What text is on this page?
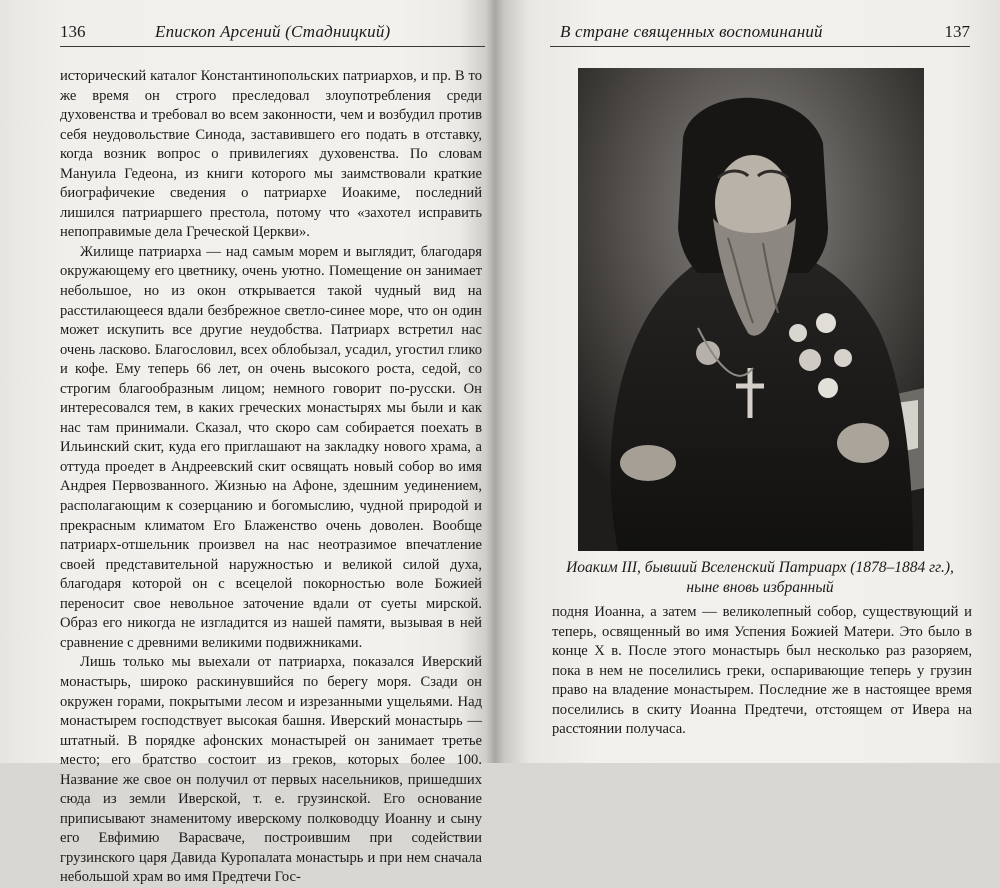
136	Епископ Арсений (Стадницкий)

исторический каталог Константинопольских патриархов, и пр. В то же время он строго преследовал злоупотребления среди духовенства и требовал во всем законности, чем и возбудил против себя неудовольствие Синода, заставившего его подать в отставку, когда возник вопрос о привилегиях духовенства. По словам Мануила Гедеона, из книги которого мы заимствовали краткие биографичекие сведения о патриархе Иоакиме, последний лишился патриаршего престола, потому что «захотел исправить непоправимые дела Греческой Церкви».

Жилище патриарха — над самым морем и выглядит, благодаря окружающему его цветнику, очень уютно. Помещение он занимает небольшое, но из окон открывается такой чудный вид на расстилающееся вдали безбрежное светло-синее море, что он один может искупить все другие неудобства. Патриарх встретил нас очень ласково. Благословил, всех облобызал, усадил, угостил глико и кофе. Ему теперь 66 лет, он очень высокого роста, седой, со строгим благообразным лицом; немного говорит по-русски. Он интересовался тем, в каких греческих монастырях мы были и как нас там принимали. Сказал, что скоро сам собирается поехать в Ильинский скит, куда его приглашают на закладку нового храма, а оттуда проедет в Андреевский скит освящать новый собор во имя Андрея Первозванного. Жизнью на Афоне, здешним уединением, располагающим к созерцанию и богомыслию, чудной природой и прекрасным климатом Его Блаженство очень доволен. Вообще патриарх-отшельник произвел на нас неотразимое впечатление своей представительной наружностью и великой силой духа, благодаря которой он с всецелой покорностью воле Божией переносит свое невольное заточение вдали от суеты мирской. Образ его никогда не изгладится из нашей памяти, вызывая в ней сравнение с древними великими подвижниками.

Лишь только мы выехали от патриарха, показался Иверский монастырь, широко раскинувшийся по берегу моря. Сзади он окружен горами, покрытыми лесом и изрезанными ущельями. Над монастырем господствует высокая башня. Иверский монастырь — штатный. В порядке афонских монастырей он занимает третье место; его братство состоит из греков, которых более 100. Название же свое он получил от первых насельников, пришедших сюда из земли Иверской, т. е. грузинской. Его основание приписывают знаменитому иверскому полководцу Иоанну и сыну его Евфимию Варасваче, построившим при содействии грузинского царя Давида Куропалата монастырь и при нем сначала небольшой храм во имя Предтечи Гос-

В стране священных воспоминаний	137
Иоаким III, бывший Вселенский Патриарх (1878–1884 гг.),
ныне вновь избранный

подня Иоанна, а затем — великолепный собор, существующий и теперь, освященный во имя Успения Божией Матери. Это было в конце X в. После этого монастырь был несколько раз разоряем, пока в нем не поселились греки, оспаривающие теперь у грузин право на владение монастырем. Последние же в настоящее время поселились в скиту Иоанна Предтечи, отстоящем от Ивера на расстоянии получаса.
